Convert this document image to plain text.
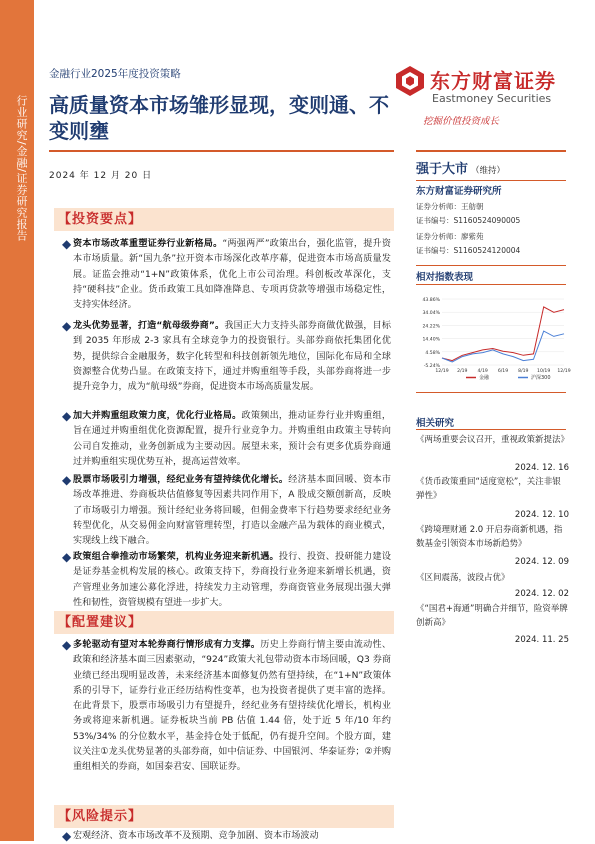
行业研究/金融/证券研究报告
金融行业2025年度投资策略	东方财富证券
Eastmoney Securities
挖掘价值投资成长
高质量资本市场雏形显现，变则通、不变则壅
2024 年 12 月 20 日	强于大市 （维持）
东方财富证券研究所
证券分析师：王舫朝
证书编号：S1160524090005
证券分析师：廖紫苑
证书编号：S1160524120004
相对指数表现
43.86%
34.04%
24.22%
14.40%
4.58%
-5.24%
12/19 2/19 4/19 6/19 8/19 10/19 12/19
金融	沪深300
相关研究
《两场重要会议召开，重视政策新提法》
2024. 12. 16
《货币政策重回“适度宽松”，关注非银弹性》
2024. 12. 10
《跨境理财通 2.0 开启券商新机遇，指数基金引领资本市场新趋势》
2024. 12. 09
《区间震荡，波段占优》
2024. 12. 02
《“国君+海通”明确合并细节，险资举牌创新高》
2024. 11. 25
【投资要点】
◆ 资本市场改革重塑证券行业新格局。“两强两严”政策出台，强化监管，提升资本市场质量。新“国九条”拉开资本市场深化改革序幕，促进资本市场高质量发展。证监会推动“1+N”政策体系，优化上市公司治理。科创板改革深化，支持“硬科技”企业。货币政策工具如降准降息、专项再贷款等增强市场稳定性，支持实体经济。
◆ 龙头优势显著，打造“航母级券商”。我国正大力支持头部券商做优做强，目标到 2035 年形成 2-3 家具有全球竞争力的投资银行。头部券商依托集团化优势，提供综合金融服务，数字化转型和科技创新领先地位，国际化布局和全球资源整合优势凸显。在政策支持下，通过并购重组等手段，头部券商将进一步提升竞争力，成为“航母级”券商，促进资本市场高质量发展。
◆ 加大并购重组政策力度，优化行业格局。政策频出，推动证券行业并购重组，旨在通过并购重组优化资源配置，提升行业竞争力。并购重组由政策主导转向公司自发推动，业务创新成为主要动因。展望未来，预计会有更多优质券商通过并购重组实现优势互补，提高运营效率。
◆ 股票市场吸引力增强，经纪业务有望持续优化增长。经济基本面回暖、资本市场改革推进、券商板块估值修复等因素共同作用下，A 股成交额创新高，反映了市场吸引力增强。预计经纪业务将回暖，但佣金费率下行趋势要求经纪业务转型优化，从交易佣金向财富管理转型，打造以金融产品为载体的商业模式，实现线上线下融合。
◆ 政策组合拳推动市场繁荣，机构业务迎来新机遇。投行、投资、投研能力建设是证券基金机构发展的核心。政策支持下，券商投行业务迎来新增长机遇，资产管理业务加速公募化浮进，持续发力主动管理，券商资管业务展现出强大弹性和韧性，资管规模有望进一步扩大。
【配置建议】
◆ 多轮驱动有望对本轮券商行情形成有力支撑。历史上券商行情主要由流动性、政策和经济基本面三因素驱动，“924”政策大礼包带动资本市场回暖，Q3 券商业绩已经出现明显改善，未来经济基本面修复仍然有望持续，在“1+N”政策体系的引导下，证券行业正经历结构性变革，也为投资者提供了更丰富的选择。在此背景下，股票市场吸引力有望提升，经纪业务有望持续优化增长，机构业务或将迎来新机遇。证券板块当前 PB 估值 1.44 倍，处于近 5 年/10 年约 53%/34% 的分位数水平，基金持仓处于低配，仍有提升空间。个股方面，建议关注①龙头优势显著的头部券商，如中信证券、中国银河、华泰证券；②并购重组相关的券商，如国泰君安、国联证券。
【风险提示】
◆ 宏观经济、资本市场改革不及预期、竞争加剧、资本市场波动
